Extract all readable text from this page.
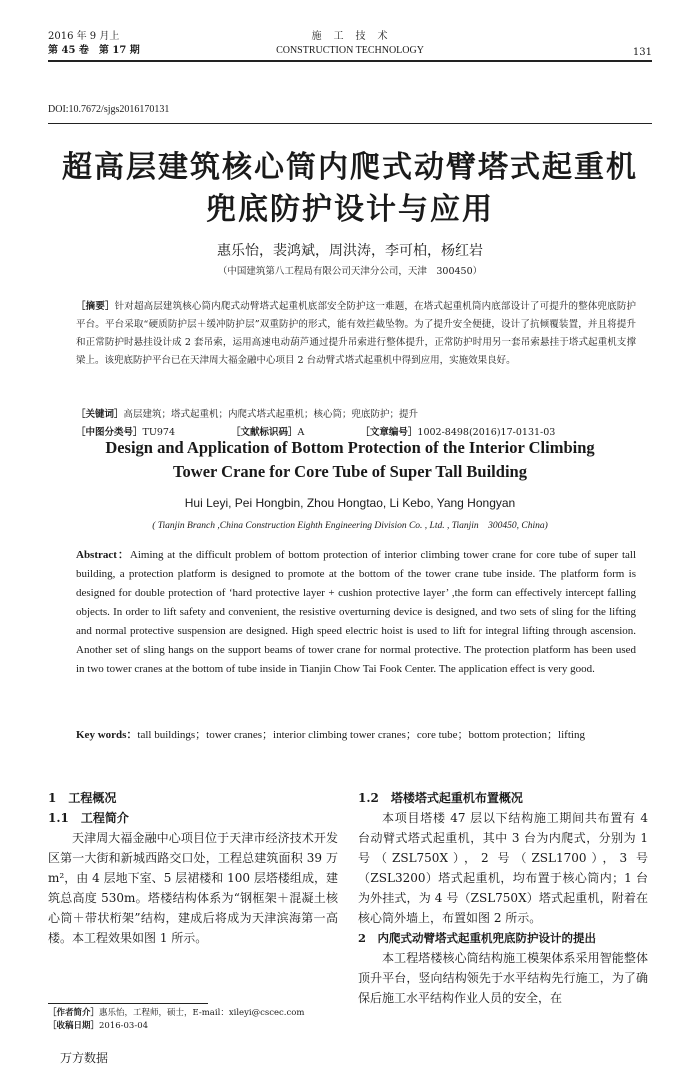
2016 年 9 月上
第 45 卷　第 17 期
施　工　技　术
CONSTRUCTION TECHNOLOGY	131
DOI:10.7672/sjgs2016170131
超高层建筑核心筒内爬式动臂塔式起重机
兜底防护设计与应用
惠乐怡，裴鸿斌，周洪涛，李可柏，杨红岩
（中国建筑第八工程局有限公司天津分公司，天津　300450）
［摘要］针对超高层建筑核心筒内爬式动臂塔式起重机底部安全防护这一难题，在塔式起重机筒内底部设计了可提升的整体兜底防护平台。平台采取“硬质防护层＋缓冲防护层”双重防护的形式，能有效拦截坠物。为了提升安全便捷，设计了抗倾覆装置，并且将提升和正常防护时悬挂设计成 2 套吊索，运用高速电动葫芦通过提升吊索进行整体提升，正常防护时用另一套吊索悬挂于塔式起重机支撑梁上。该兜底防护平台已在天津周大福金融中心项目 2 台动臂式塔式起重机中得到应用，实施效果良好。
［关键词］高层建筑；塔式起重机；内爬式塔式起重机；核心筒；兜底防护；提升
［中图分类号］TU974	［文献标识码］A	［文章编号］1002-8498(2016)17-0131-03
Design and Application of Bottom Protection of the Interior Climbing
Tower Crane for Core Tube of Super Tall Building
Hui Leyi, Pei Hongbin, Zhou Hongtao, Li Kebo, Yang Hongyan
( Tianjin Branch ,China Construction Eighth Engineering Division Co. , Ltd. , Tianjin　300450, China)
Abstract：Aiming at the difficult problem of bottom protection of interior climbing tower crane for core tube of super tall building, a protection platform is designed to promote at the bottom of the tower crane tube inside. The platform form is designed for double protection of ‘hard protective layer + cushion protective layer’ ,the form can effectively intercept falling objects. In order to lift safety and convenient, the resistive overturning device is designed, and two sets of sling for the lifting and normal protective suspension are designed. High speed electric hoist is used to lift for integral lifting through ascension. Another set of sling hangs on the support beams of tower crane for normal protective. The protection platform has been used in two tower cranes at the bottom of tube inside in Tianjin Chow Tai Fook Center. The application effect is very good.
Key words：tall buildings；tower cranes；interior climbing tower cranes；core tube；bottom protection；lifting
1　工程概况
1.1　工程简介
天津周大福金融中心项目位于天津市经济技术开发区第一大街和新城西路交口处，工程总建筑面积 39 万 m²，由 4 层地下室、5 层裙楼和 100 层塔楼组成，建筑总高度 530m。塔楼结构体系为“钢框架＋混凝土核心筒＋带状桁架”结构，建成后将成为天津滨海第一高楼。本工程效果如图 1 所示。
1.2　塔楼塔式起重机布置概况
本项目塔楼 47 层以下结构施工期间共布置有 4 台动臂式塔式起重机，其中 3 台为内爬式，分别为 1 号（ZSL750X），2 号（ZSL1700），3 号（ZSL3200）塔式起重机，均布置于核心筒内；1 台为外挂式，为 4 号（ZSL750X）塔式起重机，附着在核心筒外墙上，布置如图 2 所示。
2　内爬式动臂塔式起重机兜底防护设计的提出
本工程塔楼核心筒结构施工模架体系采用智能整体顶升平台，竖向结构领先于水平结构先行施工，为了确保后施工水平结构作业人员的安全，在
［作者简介］惠乐怡，工程师，硕士，E-mail：xileyi@cscec.com
［收稿日期］2016-03-04
万方数据
